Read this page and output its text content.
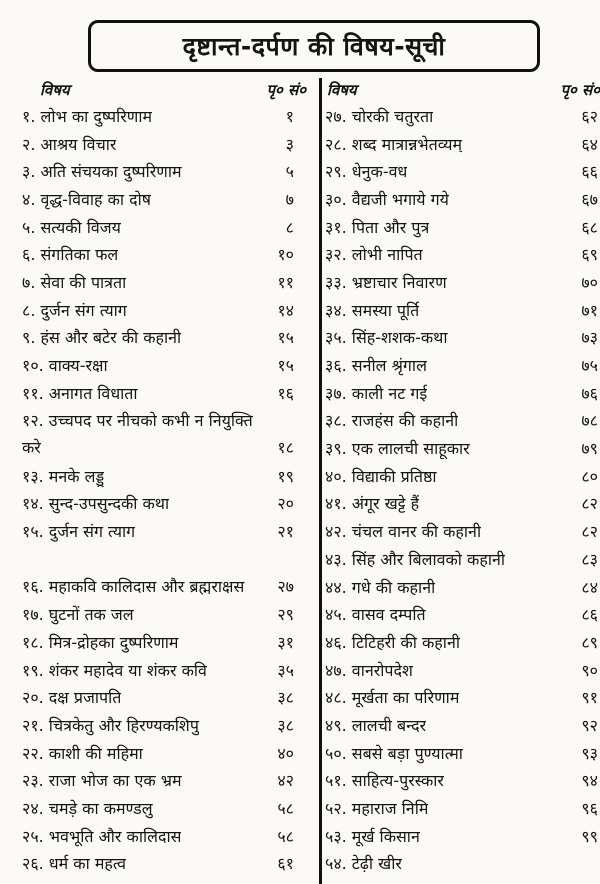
दृष्टान्त-दर्पण की विषय-सूची
विषय	पृ० सं०
१. लोभ का दुष्परिणाम	१
२. आश्रय विचार	३
३. अति संचयका दुष्परिणाम	५
४. वृद्ध-विवाह का दोष	७
५. सत्यकी विजय	८
६. संगतिका फल	१०
७. सेवा की पात्रता	११
८. दुर्जन संग त्याग	१४
९. हंस और बटेर की कहानी	१५
१०. वाक्य-रक्षा	१५
११. अनागत विधाता	१६
१२. उच्चपद पर नीचको कभी न नियुक्ति करे	१८
१३. मनके लड्डू	१९
१४. सुन्द-उपसुन्दकी कथा	२०
१५. दुर्जन संग त्याग	२१
१६. महाकवि कालिदास और ब्रह्मराक्षस	२७
१७. घुटनों तक जल	२९
१८. मित्र-द्रोहका दुष्परिणाम	३१
१९. शंकर महादेव या शंकर कवि	३५
२०. दक्ष प्रजापति	३८
२१. चित्रकेतु और हिरण्यकशिपु	३८
२२. काशी की महिमा	४०
२३. राजा भोज का एक भ्रम	४२
२४. चमड़े का कमण्डलु	५८
२५. भवभूति और कालिदास	५८
२६. धर्म का महत्व	६१
विषय	पृ० सं०
२७. चोरकी चतुरता	६२
२८. शब्द मात्रान्नभेतव्यम्	६४
२९. धेनुक-वध	६६
३०. वैद्यजी भगाये गये	६७
३१. पिता और पुत्र	६८
३२. लोभी नापित	६९
३३. भ्रष्टाचार निवारण	७०
३४. समस्या पूर्ति	७१
३५. सिंह-शशक-कथा	७३
३६. सनील श्रृंगाल	७५
३७. काली नट गई	७६
३८. राजहंस की कहानी	७८
३९. एक लालची साहूकार	७९
४०. विद्याकी प्रतिष्ठा	८०
४१. अंगूर खट्टे हैं	८२
४२. चंचल वानर की कहानी	८२
४३. सिंह और बिलावको कहानी	८३
४४. गधे की कहानी	८४
४५. वासव दम्पति	८६
४६. टिटिहरी की कहानी	८९
४७. वानरोपदेश	९०
४८. मूर्खता का परिणाम	९१
४९. लालची बन्दर	९२
५०. सबसे बड़ा पुण्यात्मा	९३
५१. साहित्य-पुरस्कार	९४
५२. महाराज निमि	९६
५३. मूर्ख किसान	९९
५४. टेढ़ी खीर
